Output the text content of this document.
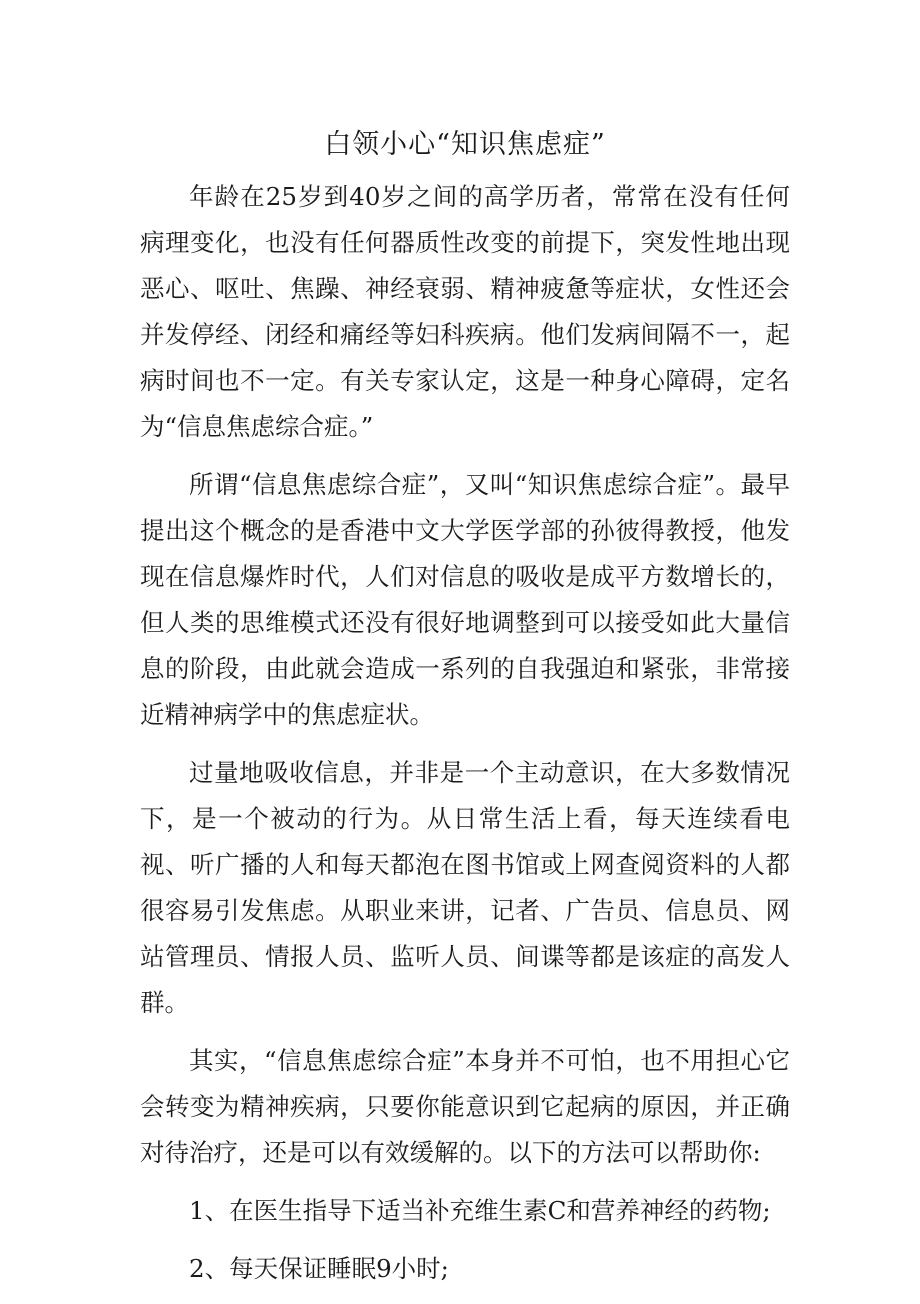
白领小心“知识焦虑症”

年龄在25岁到40岁之间的高学历者，常常在没有任何病理变化，也没有任何器质性改变的前提下，突发性地出现恶心、呕吐、焦躁、神经衰弱、精神疲惫等症状，女性还会并发停经、闭经和痛经等妇科疾病。他们发病间隔不一，起病时间也不一定。有关专家认定，这是一种身心障碍，定名为“信息焦虑综合症。”

所谓“信息焦虑综合症”，又叫“知识焦虑综合症”。最早提出这个概念的是香港中文大学医学部的孙彼得教授，他发现在信息爆炸时代，人们对信息的吸收是成平方数增长的，但人类的思维模式还没有很好地调整到可以接受如此大量信息的阶段，由此就会造成一系列的自我强迫和紧张，非常接近精神病学中的焦虑症状。

过量地吸收信息，并非是一个主动意识，在大多数情况下，是一个被动的行为。从日常生活上看，每天连续看电视、听广播的人和每天都泡在图书馆或上网查阅资料的人都很容易引发焦虑。从职业来讲，记者、广告员、信息员、网站管理员、情报人员、监听人员、间谍等都是该症的高发人群。

其实，“信息焦虑综合症”本身并不可怕，也不用担心它会转变为精神疾病，只要你能意识到它起病的原因，并正确对待治疗，还是可以有效缓解的。以下的方法可以帮助你:

1、在医生指导下适当补充维生素C和营养神经的药物;

2、每天保证睡眠9小时;
